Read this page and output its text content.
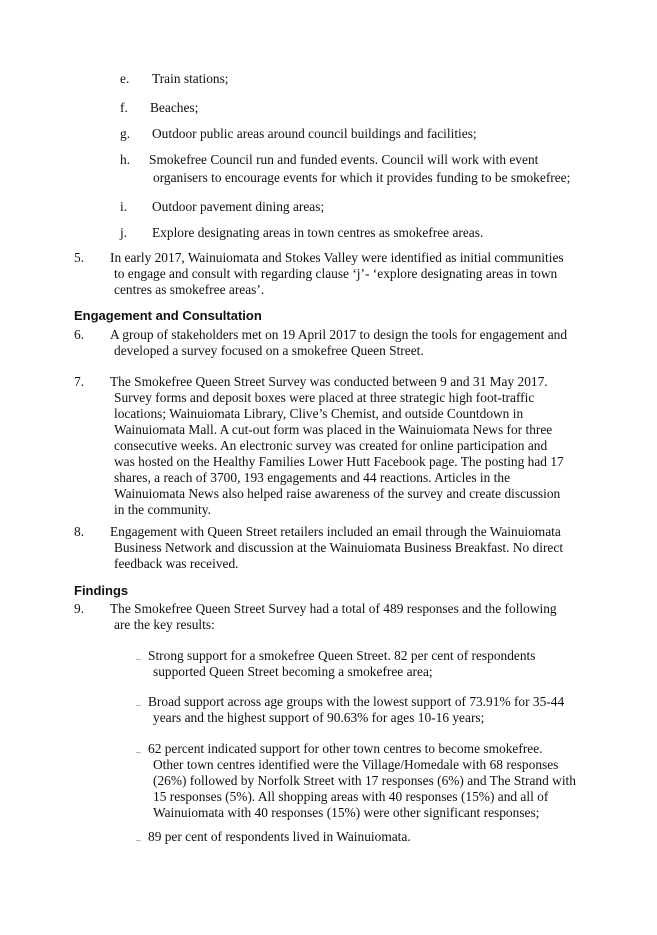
e. Train stations;
f. Beaches;
g. Outdoor public areas around council buildings and facilities;
h. Smokefree Council run and funded events. Council will work with event
organisers to encourage events for which it provides funding to be smokefree;
i. Outdoor pavement dining areas;
j. Explore designating areas in town centres as smokefree areas.
5. In early 2017, Wainuiomata and Stokes Valley were identified as initial communities
to engage and consult with regarding clause ‘j’- ‘explore designating areas in town
centres as smokefree areas’.
Engagement and Consultation
6. A group of stakeholders met on 19 April 2017 to design the tools for engagement and
developed a survey focused on a smokefree Queen Street.
7. The Smokefree Queen Street Survey was conducted between 9 and 31 May 2017.
Survey forms and deposit boxes were placed at three strategic high foot-traffic
locations; Wainuiomata Library, Clive’s Chemist, and outside Countdown in
Wainuiomata Mall. A cut-out form was placed in the Wainuiomata News for three
consecutive weeks. An electronic survey was created for online participation and
was hosted on the Healthy Families Lower Hutt Facebook page. The posting had 17
shares, a reach of 3700, 193 engagements and 44 reactions. Articles in the
Wainuiomata News also helped raise awareness of the survey and create discussion
in the community.
8. Engagement with Queen Street retailers included an email through the Wainuiomata
Business Network and discussion at the Wainuiomata Business Breakfast. No direct
feedback was received.
Findings
9. The Smokefree Queen Street Survey had a total of 489 responses and the following
are the key results:
– Strong support for a smokefree Queen Street. 82 per cent of respondents
supported Queen Street becoming a smokefree area;
– Broad support across age groups with the lowest support of 73.91% for 35-44
years and the highest support of 90.63% for ages 10-16 years;
– 62 percent indicated support for other town centres to become smokefree.
Other town centres identified were the Village/Homedale with 68 responses
(26%) followed by Norfolk Street with 17 responses (6%) and The Strand with
15 responses (5%). All shopping areas with 40 responses (15%) and all of
Wainuiomata with 40 responses (15%) were other significant responses;
– 89 per cent of respondents lived in Wainuiomata.
